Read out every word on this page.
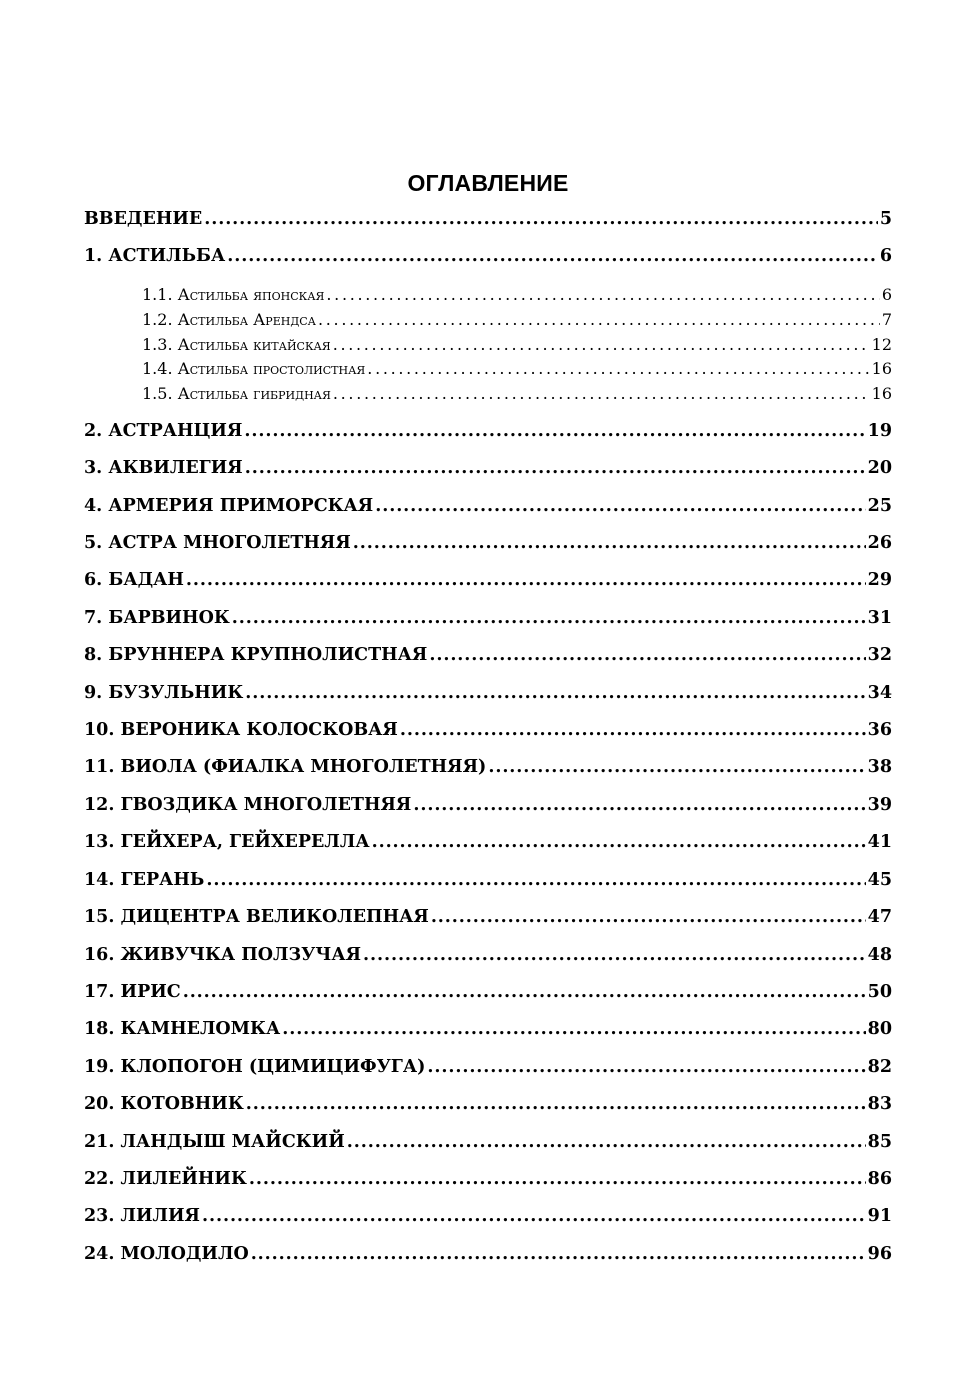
ОГЛАВЛЕНИЕ
ВВЕДЕНИЕ . . .	5
1. АСТИЛЬБА . . .	6
1.1. Астильба японская . . .	6
1.2. Астильба Арендса . . .	7
1.3. Астильба китайская . . .	12
1.4. Астильба простолистная . . .	16
1.5. Астильба гибридная . . .	16
2. АСТРАНЦИЯ . . .	19
3. АКВИЛЕГИЯ . . .	20
4. АРМЕРИЯ ПРИМОРСКАЯ . . .	25
5. АСТРА МНОГОЛЕТНЯЯ . . .	26
6. БАДАН . . .	29
7. БАРВИНОК . . .	31
8. БРУННЕРА КРУПНОЛИСТНАЯ . . .	32
9. БУЗУЛЬНИК . . .	34
10. ВЕРОНИКА КОЛОСКОВАЯ . . .	36
11. ВИОЛА (ФИАЛКА МНОГОЛЕТНЯЯ) . . .	38
12. ГВОЗДИКА МНОГОЛЕТНЯЯ . . .	39
13. ГЕЙХЕРА, ГЕЙХЕРЕЛЛА . . .	41
14. ГЕРАНЬ . . .	45
15. ДИЦЕНТРА ВЕЛИКОЛЕПНАЯ . . .	47
16. ЖИВУЧКА ПОЛЗУЧАЯ . . .	48
17. ИРИС . . .	50
18. КАМНЕЛОМКА . . .	80
19. КЛОПОГОН (ЦИМИЦИФУГА) . . .	82
20. КОТОВНИК . . .	83
21. ЛАНДЫШ МАЙСКИЙ . . .	85
22. ЛИЛЕЙНИК . . .	86
23. ЛИЛИЯ . . .	91
24. МОЛОДИЛО . . .	96
